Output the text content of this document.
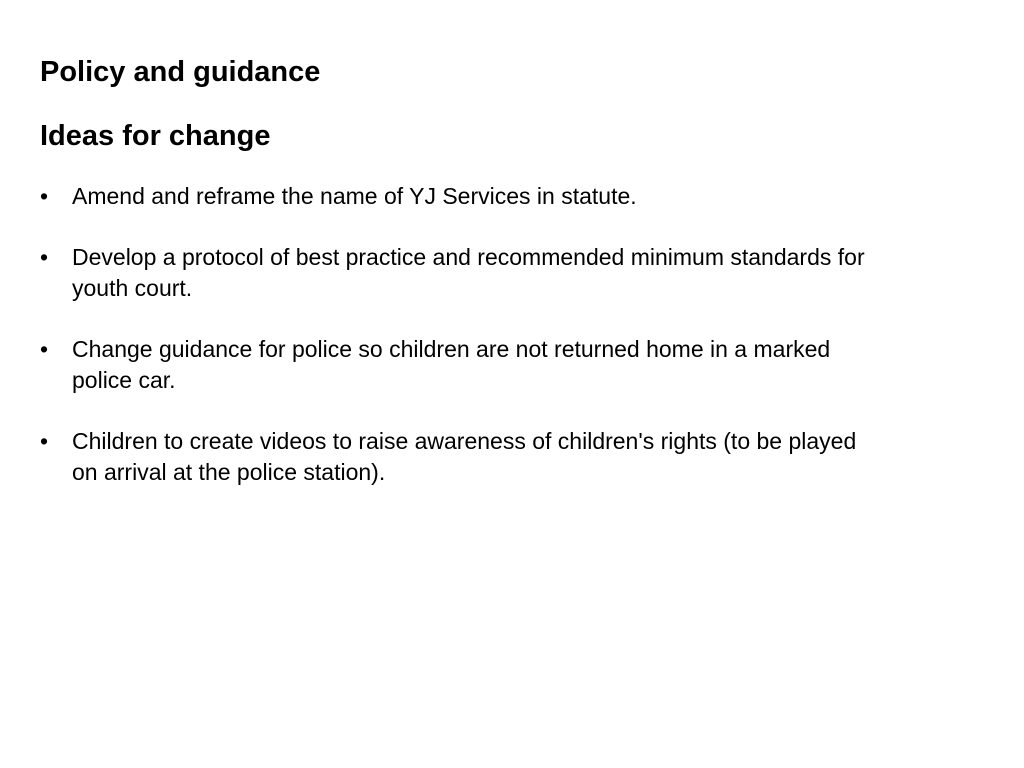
Policy and guidance
Ideas for change
•	Amend and reframe the name of YJ Services in statute.
•	Develop a protocol of best practice and recommended minimum standards for youth court.
•	Change guidance for police so children are not returned home in a marked police car.
•	Children to create videos to raise awareness of children's rights (to be played on arrival at the police station).
